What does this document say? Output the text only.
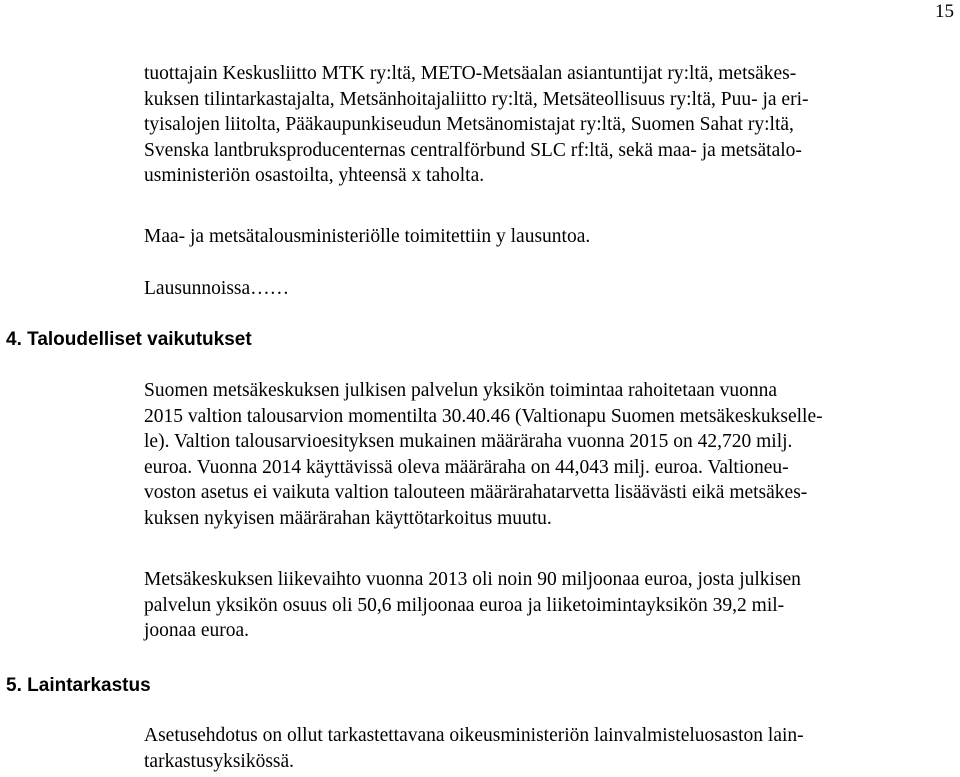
15

tuottajain Keskusliitto MTK ry:ltä, METO-Metsäalan asiantuntijat ry:ltä, metsäkes-
kuksen tilintarkastajalta, Metsänhoitajaliitto ry:ltä, Metsäteollisuus ry:ltä, Puu- ja eri-
tyisalojen liitolta, Pääkaupunkiseudun Metsänomistajat ry:ltä, Suomen Sahat ry:ltä,
Svenska lantbruksproducenternas centralförbund SLC rf:ltä, sekä maa- ja metsätalo-
usministeriön osastoilta, yhteensä x taholta.

Maa- ja metsätalousministeriölle toimitettiin y lausuntoa.

Lausunnoissa……

4. Taloudelliset vaikutukset

Suomen metsäkeskuksen julkisen palvelun yksikön toimintaa rahoitetaan vuonna
2015 valtion talousarvion momentilta 30.40.46 (Valtionapu Suomen metsäkeskukselle-
le). Valtion talousarvioesityksen mukainen määräraha vuonna 2015 on 42,720 milj.
euroa. Vuonna 2014 käyttävissä oleva määräraha on 44,043 milj. euroa. Valtioneu-
voston asetus ei vaikuta valtion talouteen määrärahatarvetta lisäävästi eikä metsäkes-
kuksen nykyisen määrärahan käyttötarkoitus muutu.

Metsäkeskuksen liikevaihto vuonna 2013 oli noin 90 miljoonaa euroa, josta julkisen
palvelun yksikön osuus oli 50,6 miljoonaa euroa ja liiketoimintayksikön 39,2 mil-
joonaa euroa.

5. Laintarkastus

Asetusehdotus on ollut tarkastettavana oikeusministeriön lainvalmisteluosaston lain-
tarkastusyksikössä.
